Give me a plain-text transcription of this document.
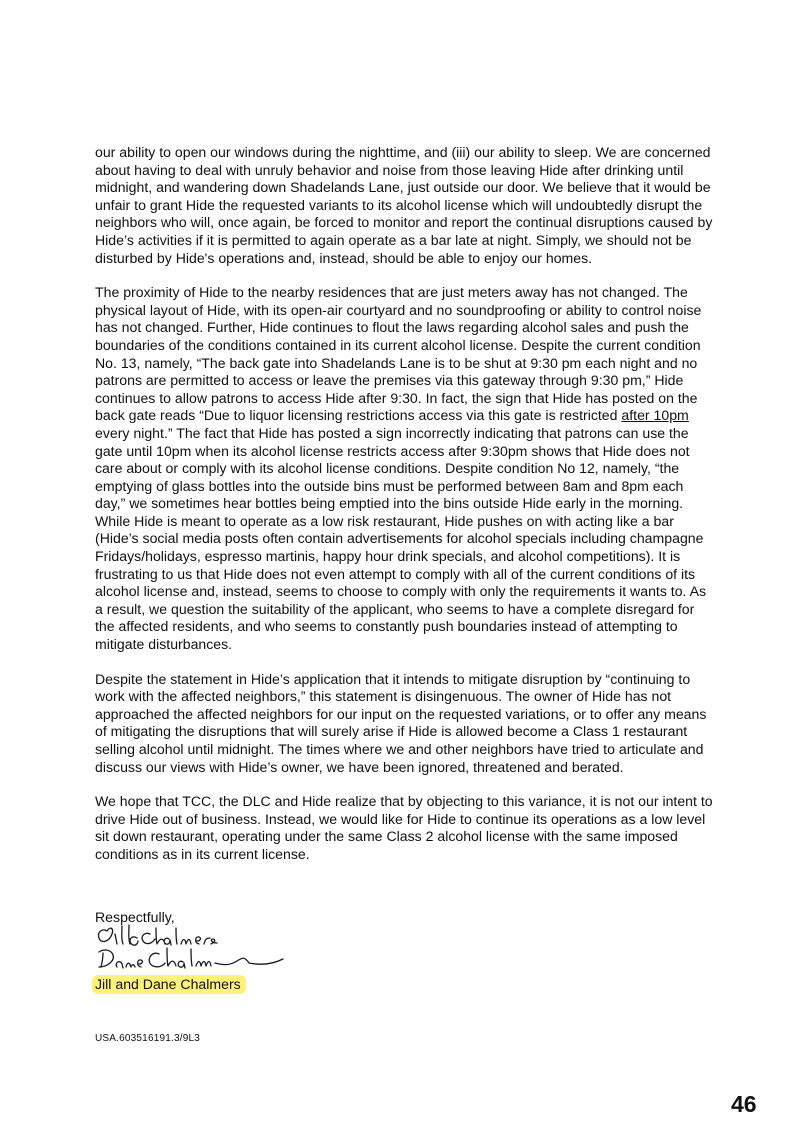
our ability to open our windows during the nighttime, and (iii) our ability to sleep. We are concerned about having to deal with unruly behavior and noise from those leaving Hide after drinking until midnight, and wandering down Shadelands Lane, just outside our door. We believe that it would be unfair to grant Hide the requested variants to its alcohol license which will undoubtedly disrupt the neighbors who will, once again, be forced to monitor and report the continual disruptions caused by Hide’s activities if it is permitted to again operate as a bar late at night. Simply, we should not be disturbed by Hide's operations and, instead, should be able to enjoy our homes.

The proximity of Hide to the nearby residences that are just meters away has not changed. The physical layout of Hide, with its open-air courtyard and no soundproofing or ability to control noise has not changed. Further, Hide continues to flout the laws regarding alcohol sales and push the boundaries of the conditions contained in its current alcohol license. Despite the current condition No. 13, namely, “The back gate into Shadelands Lane is to be shut at 9:30 pm each night and no patrons are permitted to access or leave the premises via this gateway through 9:30 pm,” Hide continues to allow patrons to access Hide after 9:30. In fact, the sign that Hide has posted on the back gate reads “Due to liquor licensing restrictions access via this gate is restricted after 10pm every night.” The fact that Hide has posted a sign incorrectly indicating that patrons can use the gate until 10pm when its alcohol license restricts access after 9:30pm shows that Hide does not care about or comply with its alcohol license conditions. Despite condition No 12, namely, “the emptying of glass bottles into the outside bins must be performed between 8am and 8pm each day,” we sometimes hear bottles being emptied into the bins outside Hide early in the morning. While Hide is meant to operate as a low risk restaurant, Hide pushes on with acting like a bar (Hide’s social media posts often contain advertisements for alcohol specials including champagne Fridays/holidays, espresso martinis, happy hour drink specials, and alcohol competitions). It is frustrating to us that Hide does not even attempt to comply with all of the current conditions of its alcohol license and, instead, seems to choose to comply with only the requirements it wants to. As a result, we question the suitability of the applicant, who seems to have a complete disregard for the affected residents, and who seems to constantly push boundaries instead of attempting to mitigate disturbances.

Despite the statement in Hide’s application that it intends to mitigate disruption by “continuing to work with the affected neighbors,” this statement is disingenuous. The owner of Hide has not approached the affected neighbors for our input on the requested variations, or to offer any means of mitigating the disruptions that will surely arise if Hide is allowed become a Class 1 restaurant selling alcohol until midnight. The times where we and other neighbors have tried to articulate and discuss our views with Hide’s owner, we have been ignored, threatened and berated.

We hope that TCC, the DLC and Hide realize that by objecting to this variance, it is not our intent to drive Hide out of business. Instead, we would like for Hide to continue its operations as a low level sit down restaurant, operating under the same Class 2 alcohol license with the same imposed conditions as in its current license.

Respectfully,
Jill and Dane Chalmers
USA.603516191.3/9L3
46
